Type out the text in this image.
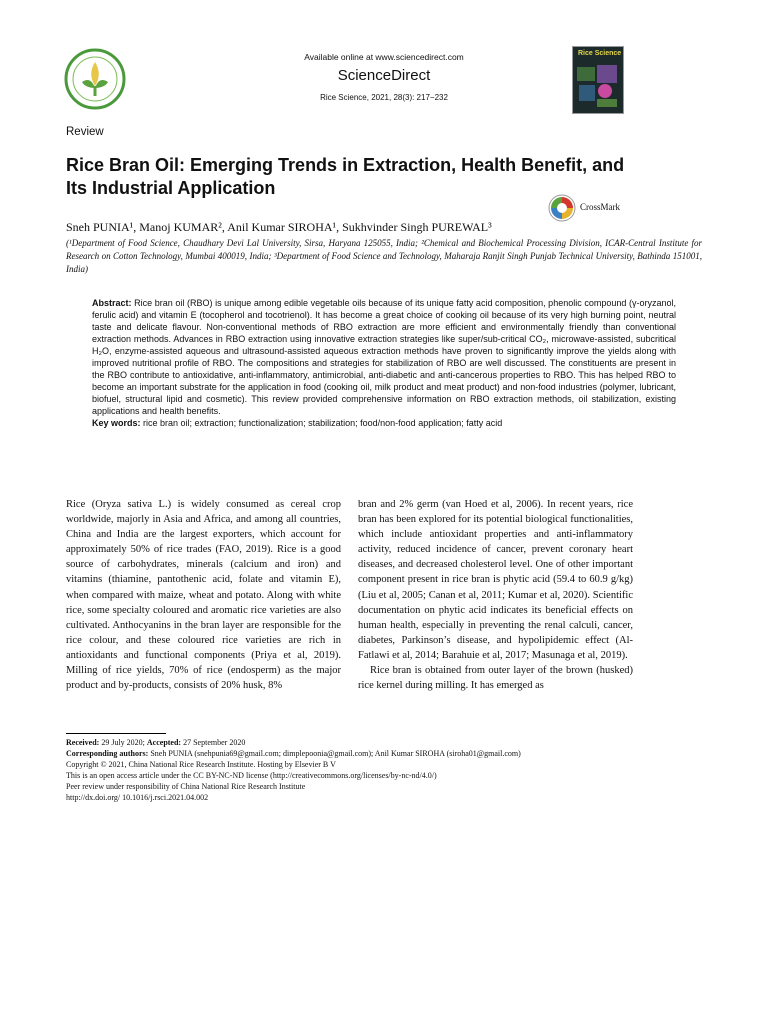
Available online at www.sciencedirect.com
ScienceDirect
Rice Science, 2021, 28(3): 217−232
Rice Science
Review
Rice Bran Oil: Emerging Trends in Extraction, Health Benefit, and Its Industrial Application
CrossMark
Sneh PUNIA¹, Manoj KUMAR², Anil Kumar SIROHA¹, Sukhvinder Singh PUREWAL³
(¹Department of Food Science, Chaudhary Devi Lal University, Sirsa, Haryana 125055, India; ²Chemical and Biochemical Processing Division, ICAR-Central Institute for Research on Cotton Technology, Mumbai 400019, India; ³Department of Food Science and Technology, Maharaja Ranjit Singh Punjab Technical University, Bathinda 151001, India)
Abstract: Rice bran oil (RBO) is unique among edible vegetable oils because of its unique fatty acid composition, phenolic compound (γ-oryzanol, ferulic acid) and vitamin E (tocopherol and tocotrienol). It has become a great choice of cooking oil because of its very high burning point, neutral taste and delicate flavour. Non-conventional methods of RBO extraction are more efficient and environmentally friendly than conventional extraction methods. Advances in RBO extraction using innovative extraction strategies like super/sub-critical CO₂, microwave-assisted, subcritical H₂O, enzyme-assisted aqueous and ultrasound-assisted aqueous extraction methods have proven to significantly improve the yields along with improved nutritional profile of RBO. The compositions and strategies for stabilization of RBO are well discussed. The constituents are present in the RBO contribute to antioxidative, anti-inflammatory, antimicrobial, anti-diabetic and anti-cancerous properties to RBO. This has helped RBO to become an important substrate for the application in food (cooking oil, milk product and meat product) and non-food industries (polymer, lubricant, biofuel, structural lipid and cosmetic). This review provided comprehensive information on RBO extraction methods, oil stabilization, existing applications and health benefits.
Key words: rice bran oil; extraction; functionalization; stabilization; food/non-food application; fatty acid
Rice (Oryza sativa L.) is widely consumed as cereal crop worldwide, majorly in Asia and Africa, and among all countries, China and India are the largest exporters, which account for approximately 50% of rice trades (FAO, 2019). Rice is a good source of carbohydrates, minerals (calcium and iron) and vitamins (thiamine, pantothenic acid, folate and vitamin E), when compared with maize, wheat and potato. Along with white rice, some specialty coloured and aromatic rice varieties are also cultivated. Anthocyanins in the bran layer are responsible for the rice colour, and these coloured rice varieties are rich in antioxidants and functional components (Priya et al, 2019). Milling of rice yields, 70% of rice (endosperm) as the major product and by-products, consists of 20% husk, 8%
bran and 2% germ (van Hoed et al, 2006). In recent years, rice bran has been explored for its potential biological functionalities, which include antioxidant properties and anti-inflammatory activity, reduced incidence of cancer, prevent coronary heart diseases, and decreased cholesterol level. One of other important component present in rice bran is phytic acid (59.4 to 60.9 g/kg) (Liu et al, 2005; Canan et al, 2011; Kumar et al, 2020). Scientific documentation on phytic acid indicates its beneficial effects on human health, especially in preventing the renal calculi, cancer, diabetes, Parkinson’s disease, and hypolipidemic effect (Al-Fatlawi et al, 2014; Barahuie et al, 2017; Masunaga et al, 2019).
Rice bran is obtained from outer layer of the brown (husked) rice kernel during milling. It has emerged as
Received: 29 July 2020; Accepted: 27 September 2020
Corresponding authors: Sneh PUNIA (snehpunia69@gmail.com; dimplepoonia@gmail.com); Anil Kumar SIROHA (siroha01@gmail.com)
Copyright © 2021, China National Rice Research Institute. Hosting by Elsevier B V
This is an open access article under the CC BY-NC-ND license (http://creativecommons.org/licenses/by-nc-nd/4.0/)
Peer review under responsibility of China National Rice Research Institute
http://dx.doi.org/ 10.1016/j.rsci.2021.04.002
